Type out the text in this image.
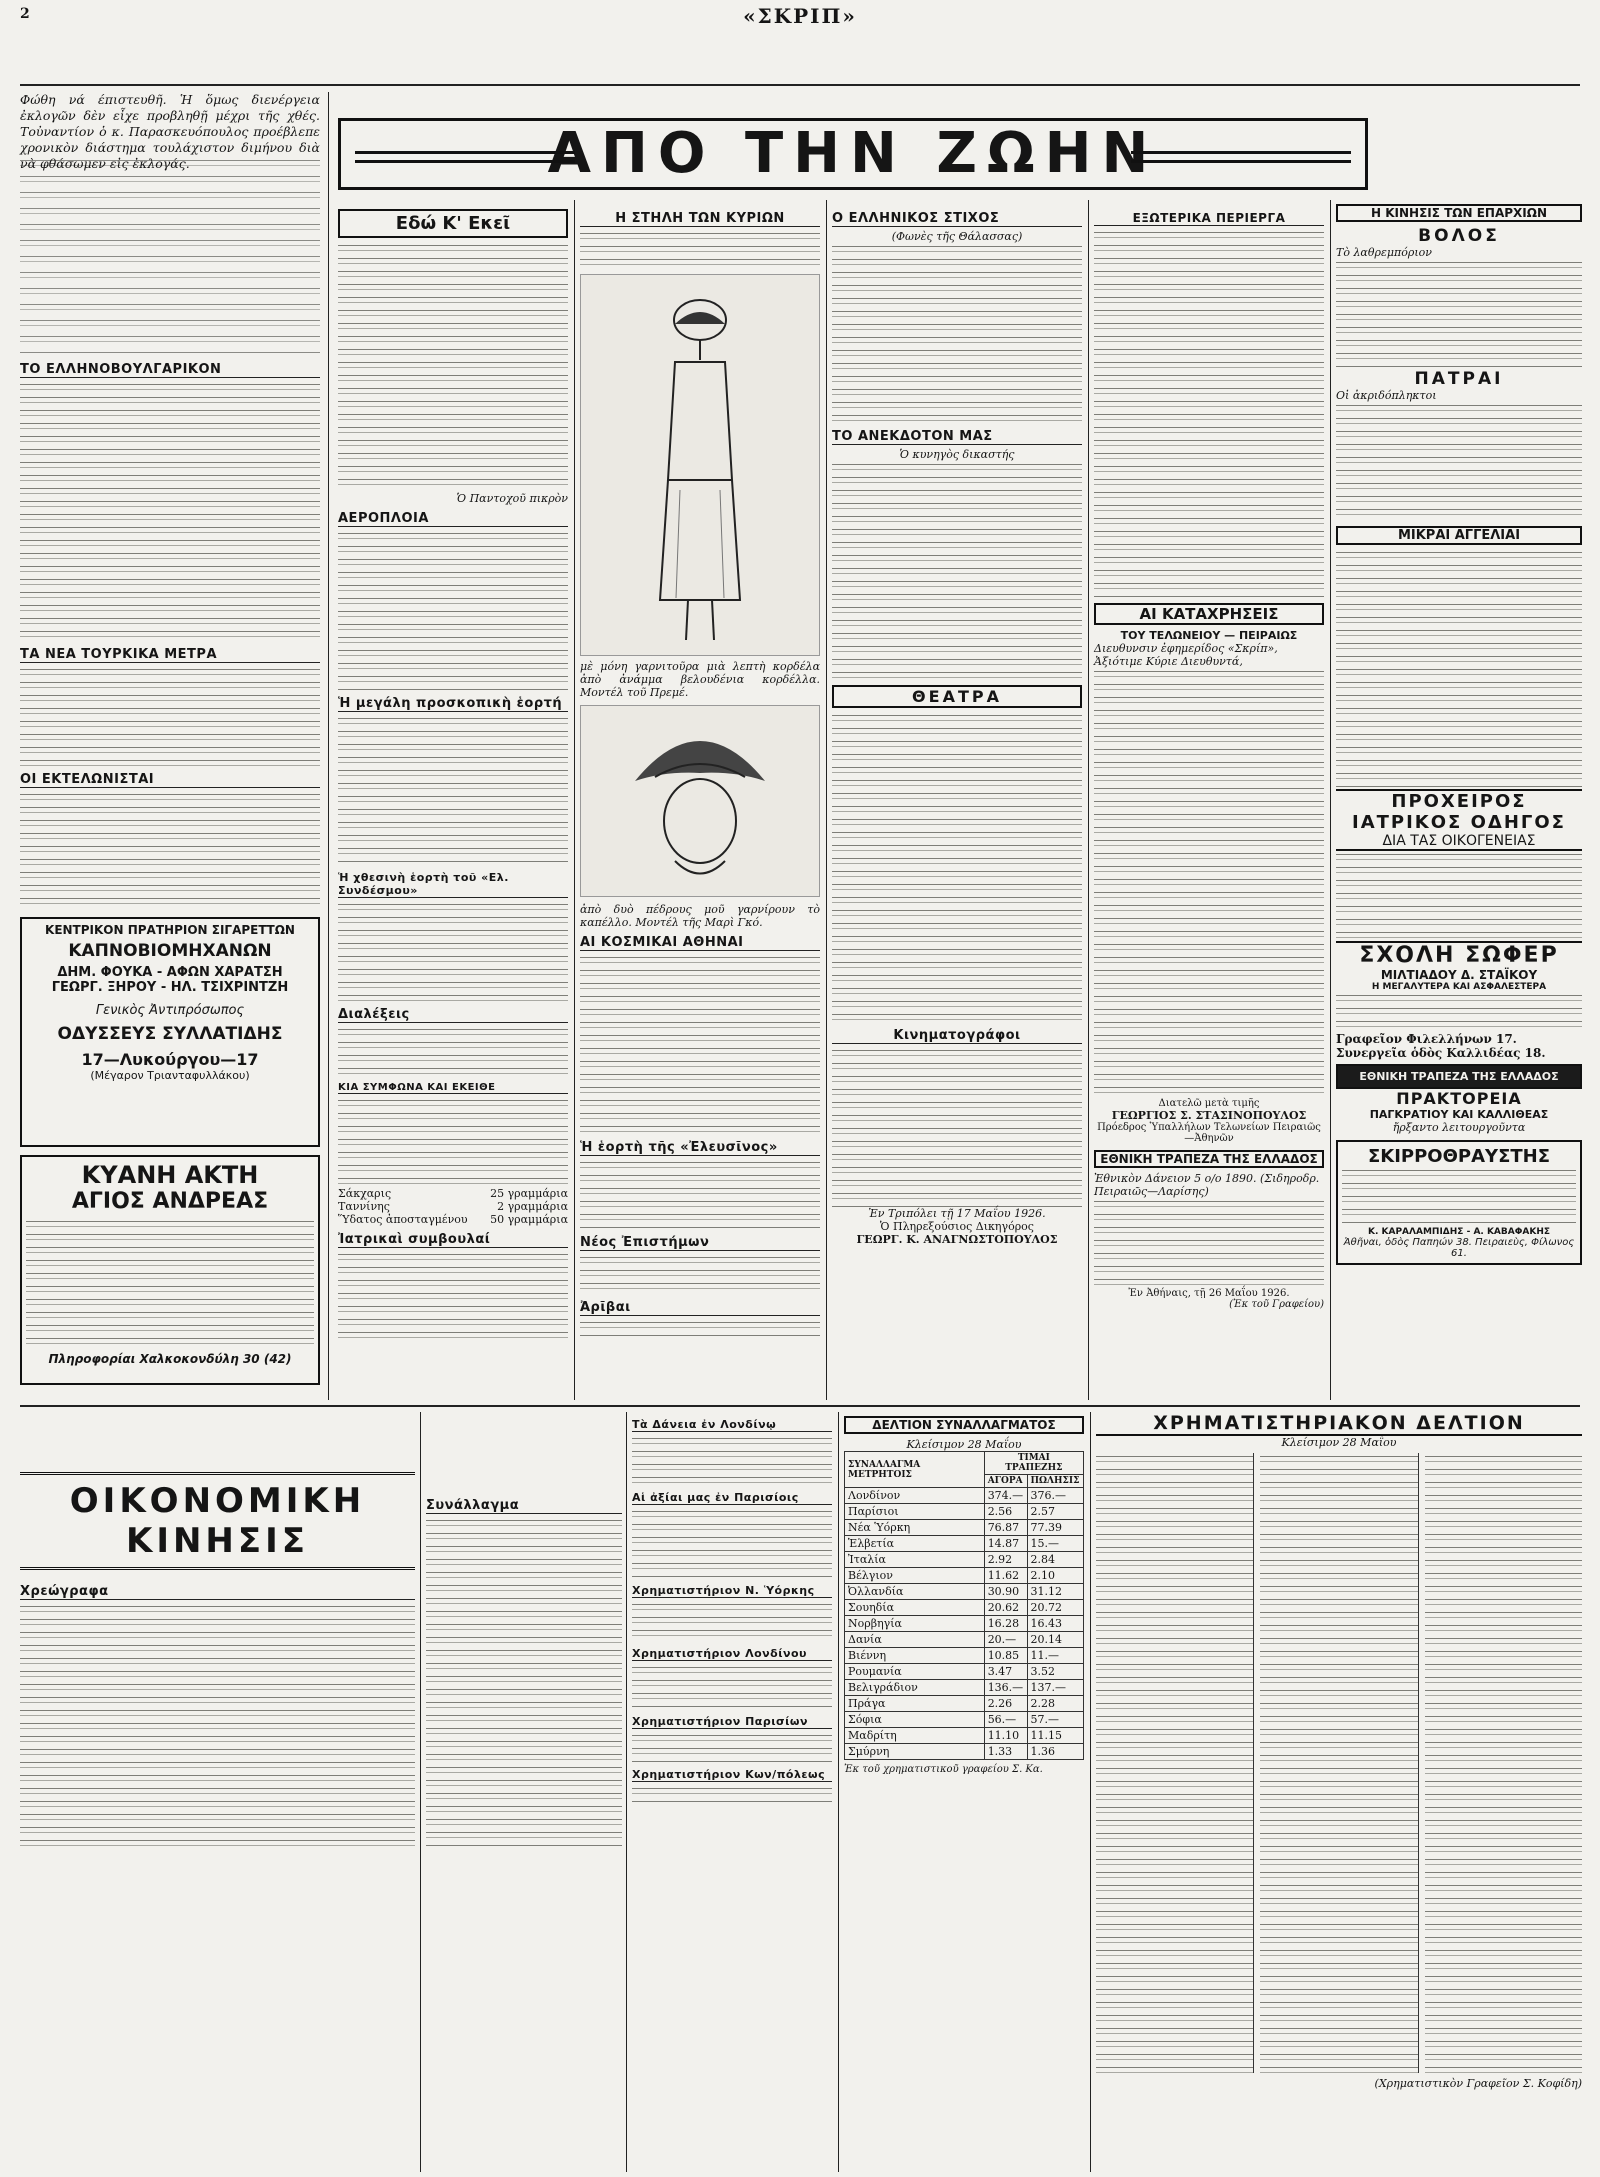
2	«ΣΚΡΙΠ»
Φώθη νά έπιστευθῆ. Ἡ ὅμως διενέργεια ἐκλογῶν δὲν εἶχε προβληθῇ μέχρι τῆς χθές. Τοὐναντίον ὁ κ. Παρασκευόπουλος προέβλεπε χρονικὸν διάστημα τουλάχιστον διμήνου διὰ νὰ φθάσωμεν εἰς ἐκλογάς.
ΤΟ ΕΛΛΗΝΟΒΟΥΛΓΑΡΙΚΟΝ
ΤΑ ΝΕΑ ΤΟΥΡΚΙΚΑ ΜΕΤΡΑ
ΟΙ ΕΚΤΕΛΩΝΙΣΤΑΙ
ΚΕΝΤΡΙΚΟΝ ΠΡΑΤΗΡΙΟΝ ΣΙΓΑΡΕΤΤΩΝ
ΚΑΠΝΟΒΙΟΜΗΧΑΝΩΝ
ΔΗΜ. ΦΟΥΚΑ - ΑΦΩΝ ΧΑΡΑΤΣΗ
ΓΕΩΡΓ. ΞΗΡΟΥ - ΗΛ. ΤΣΙΧΡΙΝΤΖΗ
Γενικὸς Ἀντιπρόσωπος
ΟΔΥΣΣΕΥΣ ΣΥΛΛΑΤΙΔΗΣ
17—Λυκούργου—17
(Μέγαρον Τριανταφυλλάκου)
ΚΥΑΝΗ ΑΚΤΗ
ΑΓΙΟΣ ΑΝΔΡΕΑΣ
Πληροφορίαι Χαλκοκονδύλη 30 (42)
ΑΠΟ ΤΗΝ ΖΩΗΝ
Εδώ Κ' Εκεῖ
Ὁ Παντοχοῦ πικρὸν
ΑΕΡΟΠΛΟΙΑ
Ἡ μεγάλη προσκοπικὴ ἑορτή
Ἡ χθεσινὴ ἑορτὴ τοῦ «Ελ. Συνδέσμου»
Διαλέξεις
ΚΙΑ ΣΥΜΦΩΝΑ ΚΑΙ ΕΚΕΙΘΕ
Σάκχαρις	25 γραμμάρια
Ταννίνης	2 γραμμάρια
Ὕδατος ἀποσταγμένου 50 γραμμάρια
Ἰατρικαὶ συμβουλαί
Η ΣΤΗΛΗ ΤΩΝ ΚΥΡΙΩΝ
μὲ μόνη γαρνιτοῦρα μιὰ λεπτὴ κορδέλα ἀπὸ ἀνάμμα βελουδένια κορδέλλα. Μοντέλ τοῦ Πρεμέ.
ἀπὸ δυὸ πέδρους μοῦ γαρνίρουν τὸ καπέλλο. Μοντέλ τῆς Μαρὶ Γκό.
ΑΙ ΚΟΣΜΙΚΑΙ ΑΘΗΝΑΙ
Ἡ ἑορτὴ τῆς «Ἐλευσῖνος»
Νέος Ἐπιστήμων
Ἀρῖβαι
Ο ΕΛΛΗΝΙΚΟΣ ΣΤΙΧΟΣ
(Φωνὲς τῆς Θάλασσας)
ΤΟ ΑΝΕΚΔΟΤΟΝ ΜΑΣ
Ὁ κυνηγὸς δικαστής
ΘΕΑΤΡΑ
Κινηματογράφοι
Ἐν Τριπόλει τῇ 17 Μαΐου 1926.
Ὁ Πληρεξούσιος Δικηγόρος
ΓΕΩΡΓ. Κ. ΑΝΑΓΝΩΣΤΟΠΟΥΛΟΣ
ΕΞΩΤΕΡΙΚΑ ΠΕΡΙΕΡΓΑ
ΑΙ ΚΑΤΑΧΡΗΣΕΙΣ
ΤΟΥ ΤΕΛΩΝΕΙΟΥ — ΠΕΙΡΑΙΩΣ
Διευθυνσιν ἐφημερίδος «Σκρίπ»,
Ἀξιότιμε Κύριε Διευθυντά,
Διατελῶ μετὰ τιμῆς
ΓΕΩΡΓΙΟΣ Σ. ΣΤΑΣΙΝΟΠΟΥΛΟΣ
Πρόεδρος Ὑπαλλήλων Τελωνείων Πειραιῶς—Ἀθηνῶν
ΕΘΝΙΚΗ ΤΡΑΠΕΖΑ ΤΗΣ ΕΛΛΑΔΟΣ
Ἐθνικὸν Δάνειον 5 ο/ο 1890. (Σιδηροδρ. Πειραιῶς—Λαρίσης)
Ἐν Ἀθήναις, τῇ 26 Μαΐου 1926.
(Ἐκ τοῦ Γραφείου)
Η ΚΙΝΗΣΙΣ ΤΩΝ ΕΠΑΡΧΙΩΝ
ΒΟΛΟΣ
Τὸ λαθρεμπόριον
ΠΑΤΡΑΙ
Οἱ ἀκριδόπληκτοι
ΜΙΚΡΑΙ ΑΓΓΕΛΙΑΙ
ΠΡΟΧΕΙΡΟΣ
ΙΑΤΡΙΚΟΣ ΟΔΗΓΟΣ
ΔΙΑ ΤΑΣ ΟΙΚΟΓΕΝΕΙΑΣ
ΣΧΟΛΗ ΣΩΦΕΡ
ΜΙΛΤΙΑΔΟΥ Δ. ΣΤΑΪΚΟΥ
Η ΜΕΓΑΛΥΤΕΡΑ ΚΑΙ ΑΣΦΑΛΕΣΤΕΡΑ
Γραφεῖον Φιλελλήνων 17.
Συνεργεῖα ὁδὸς Καλλιδέας 18.
ΕΘΝΙΚΗ ΤΡΑΠΕΖΑ ΤΗΣ ΕΛΛΑΔΟΣ
ΠΡΑΚΤΟΡΕΙΑ
ΠΑΓΚΡΑΤΙΟΥ ΚΑΙ ΚΑΛΛΙΘΕΑΣ
ἤρξαντο λειτουργοῦντα
ΣΚΙΡΡΟΘΡΑΥΣΤΗΣ
Κ. ΚΑΡΑΛΑΜΠΙΔΗΣ - Α. ΚΑΒΑΦΑΚΗΣ
Ἀθῆναι, ὁδὸς Παπηών 38. Πειραιεὺς, Φίλωνος 61.
ΟΙΚΟΝΟΜΙΚΗ ΚΙΝΗΣΙΣ
Χρεώγραφα
Συνάλλαγμα
Τὰ Δάνεια ἐν Λονδίνῳ
Αἱ ἀξίαι μας ἐν Παρισίοις
Χρηματιστήριον Ν. Ὑόρκης
Χρηματιστήριον Λονδίνου
Χρηματιστήριον Παρισίων
Χρηματιστήριον Κων/πόλεως
ΔΕΛΤΙΟΝ ΣΥΝΑΛΛΑΓΜΑΤΟΣ
Κλείσιμον 28 Μαΐου
ΣΥΝΑΛΛΑΓΜΑ ΜΕΤΡΗΤΟΙΣ	ΤΙΜΑΙ ΤΡΑΠΕΖΗΣ	
	ΑΓΟΡΑ	ΠΩΛΗΣΙΣ
Λονδίνον	374.—	376.—
Παρίσιοι	2.56	2.57
Νέα Ὑόρκη	76.87	77.39
Ἑλβετία	14.87	15.—
Ἰταλία	2.92	2.84
Βέλγιον	11.62	2.10
Ὀλλανδία	30.90	31.12
Σουηδία	20.62	20.72
Νορβηγία	16.28	16.43
Δανία	20.—	20.14
Βιέννη	10.85	11.—
Ρουμανία	3.47	3.52
Βελιγράδιον	136.—	137.—
Πράγα	2.26	2.28
Σόφια	56.—	57.—
Μαδρίτη	11.10	11.15
Σμύρνη	1.33	1.36
Ἐκ τοῦ χρηματιστικοῦ γραφείου Σ. Κα.
ΧΡΗΜΑΤΙΣΤΗΡΙΑΚΟΝ ΔΕΛΤΙΟΝ
Κλείσιμον 28 Μαΐου
(Χρηματιστικὸν Γραφεῖον Σ. Κοφίδη)
